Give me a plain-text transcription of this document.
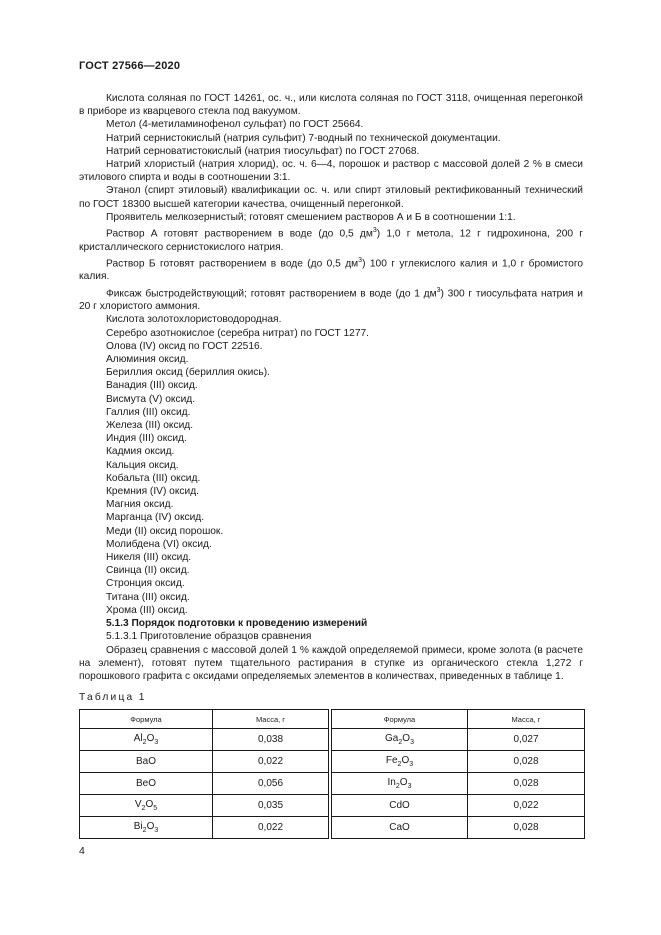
ГОСТ 27566—2020

Кислота соляная по ГОСТ 14261, ос. ч., или кислота соляная по ГОСТ 3118, очищенная перегонкой в приборе из кварцевого стекла под вакуумом.

Метол (4-метиламинофенол сульфат) по ГОСТ 25664.

Натрий сернистокислый (натрия сульфит) 7-водный по технической документации.

Натрий серноватистокислый (натрия тиосульфат) по ГОСТ 27068.

Натрий хлористый (натрия хлорид), ос. ч. 6—4, порошок и раствор с массовой долей 2 % в смеси этилового спирта и воды в соотношении 3:1.

Этанол (спирт этиловый) квалификации ос. ч. или спирт этиловый ректификованный технический по ГОСТ 18300 высшей категории качества, очищенный перегонкой.

Проявитель мелкозернистый; готовят смешением растворов А и Б в соотношении 1:1.

Раствор А готовят растворением в воде (до 0,5 $дм^3$) 1,0 г метола, 12 г гидрохинона, 200 г кристаллического сернистокислого натрия.

Раствор Б готовят растворением в воде (до 0,5 $дм^3$) 100 г углекислого калия и 1,0 г бромистого калия.

Фиксаж быстродействующий; готовят растворением в воде (до 1 $дм^3$) 300 г тиосульфата натрия и 20 г хлористого аммония.

Кислота золотохлористоводородная.

Серебро азотнокислое (серебра нитрат) по ГОСТ 1277.

Олова (IV) оксид по ГОСТ 22516.

Алюминия оксид.

Бериллия оксид (бериллия окись).

Ванадия (III) оксид.

Висмута (V) оксид.

Галлия (III) оксид.

Железа (III) оксид.

Индия (III) оксид.

Кадмия оксид.

Кальция оксид.

Кобальта (III) оксид.

Кремния (IV) оксид.

Магния оксид.

Марганца (IV) оксид.

Меди (II) оксид порошок.

Молибдена (VI) оксид.

Никеля (III) оксид.

Свинца (II) оксид.

Стронция оксид.

Титана (III) оксид.

Хрома (III) оксид.

5.1.3 Порядок подготовки к проведению измерений

5.1.3.1 Приготовление образцов сравнения

Образец сравнения с массовой долей 1 % каждой определяемой примеси, кроме золота (в расчете на элемент), готовят путем тщательного растирания в ступке из органического стекла 1,272 г порошкового графита с оксидами определяемых элементов в количествах, приведенных в таблице 1.

Таблица 1
Формула	Масса, г		Формула	Масса, г
$Al_2O_3$	0,038		$Ga_2O_3$	0,027
BaO	0,022		$Fe_2O_3$	0,028
BeO	0,056		$In_2O_3$	0,028
$V_2O_5$	0,035		CdO	0,022
$Bi_2O_3$	0,022		CaO	0,028
4
